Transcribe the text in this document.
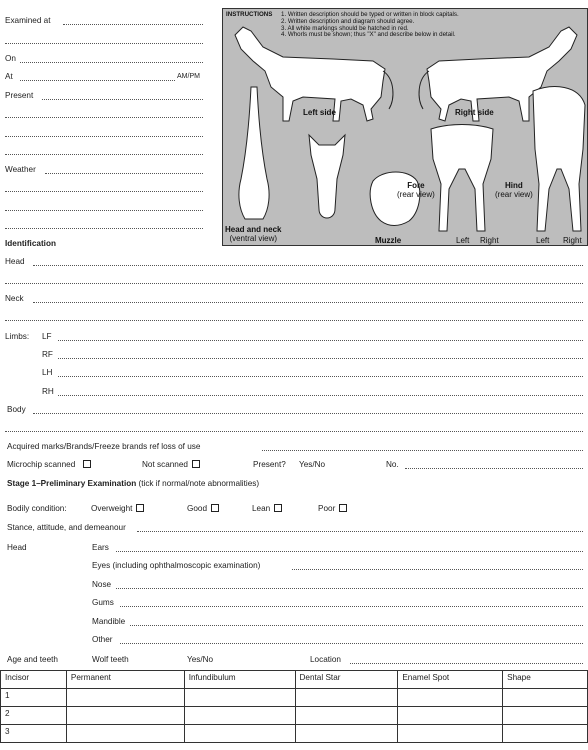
Examined at
On
At	AM/PM
Present
Weather
INSTRUCTIONS 1. Written description should be typed or written in block capitals.
2. Written description and diagram should agree.
3. All white markings should be hatched in red.
4. Whorls must be shown; thus "X" and describe below in detail.
Left side	Right side
Head and neck
(ventral view)	Muzzle
Fore
(rear view)
Hind
(rear view)
Left Right	Left Right
Identification
Head
Neck
Limbs: LF
RF
LH
RH
Body
Acquired marks/Brands/Freeze brands ref loss of use
Microchip scanned	Not scanned	Present? Yes/No	No.
Stage 1–Preliminary Examination (tick if normal/note abnormalities)
Bodily condition:	Overweight	Good	Lean	Poor
Stance, attitude, and demeanour
Head	Ears
Eyes (including ophthalmoscopic examination)
Nose
Gums
Mandible
Other
Age and teeth	Wolf teeth	Yes/No	Location
Incisor	Permanent	Infundibulum	Dental Star	Enamel Spot	Shape
1					
2					
3					
